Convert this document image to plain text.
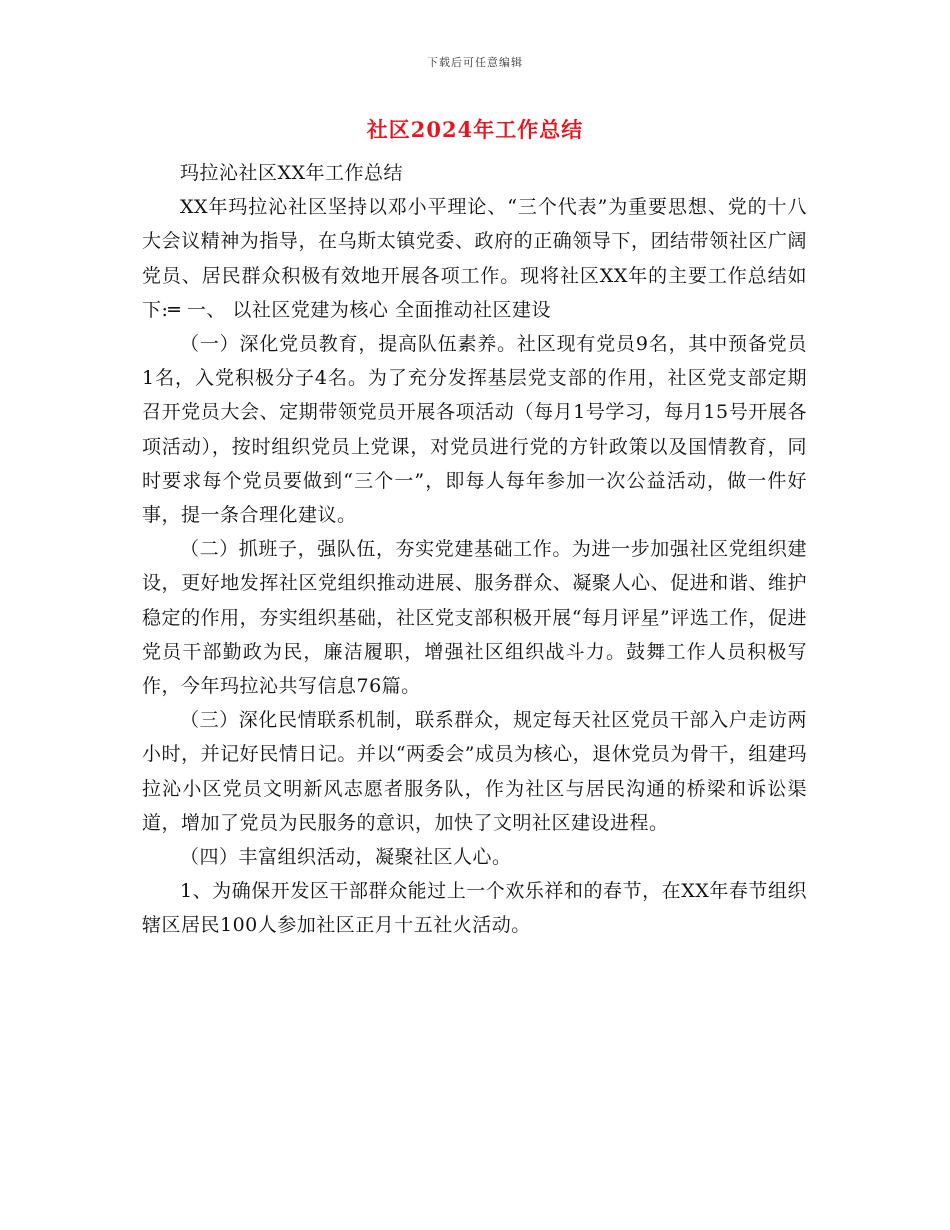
下载后可任意编辑
社区2024年工作总结

玛拉沁社区XX年工作总结

XX年玛拉沁社区坚持以邓小平理论、“三个代表”为重要思想、党的十八大会议精神为指导，在乌斯太镇党委、政府的正确领导下，团结带领社区广阔党员、居民群众积极有效地开展各项工作。现将社区XX年的主要工作总结如下:═ 一、 以社区党建为核心 全面推动社区建设

（一）深化党员教育，提高队伍素养。社区现有党员9名，其中预备党员1名，入党积极分子4名。为了充分发挥基层党支部的作用，社区党支部定期召开党员大会、定期带领党员开展各项活动（每月1号学习，每月15号开展各项活动），按时组织党员上党课，对党员进行党的方针政策以及国情教育，同时要求每个党员要做到“三个一”，即每人每年参加一次公益活动，做一件好事，提一条合理化建议。

（二）抓班子，强队伍，夯实党建基础工作。为进一步加强社区党组织建设，更好地发挥社区党组织推动进展、服务群众、凝聚人心、促进和谐、维护稳定的作用，夯实组织基础，社区党支部积极开展“每月评星”评选工作，促进党员干部勤政为民，廉洁履职，增强社区组织战斗力。鼓舞工作人员积极写作，今年玛拉沁共写信息76篇。

（三）深化民情联系机制，联系群众，规定每天社区党员干部入户走访两小时，并记好民情日记。并以“两委会”成员为核心，退休党员为骨干，组建玛拉沁小区党员文明新风志愿者服务队，作为社区与居民沟通的桥梁和诉讼渠道，增加了党员为民服务的意识，加快了文明社区建设进程。

（四）丰富组织活动，凝聚社区人心。

1、为确保开发区干部群众能过上一个欢乐祥和的春节，在XX年春节组织辖区居民100人参加社区正月十五社火活动。
